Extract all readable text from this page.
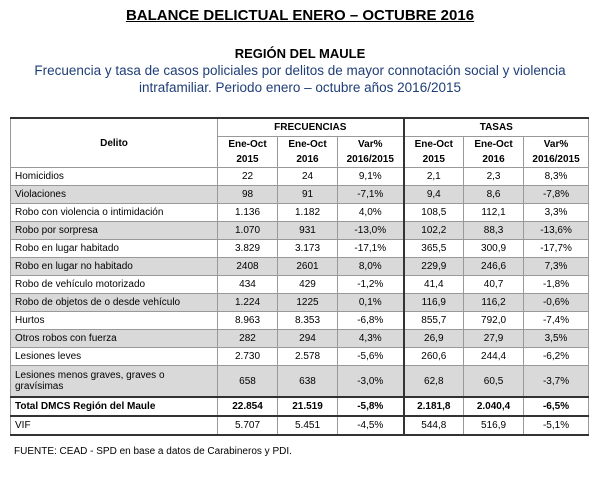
BALANCE DELICTUAL ENERO – OCTUBRE 2016
REGIÓN DEL MAULE
Frecuencia y tasa de casos policiales por delitos de mayor connotación social y violencia intrafamiliar. Periodo enero – octubre años 2016/2015
Delito	FRECUENCIAS			TASAS		
	Ene-Oct 2015	Ene-Oct 2016	Var% 2016/2015	Ene-Oct 2015	Ene-Oct 2016	Var% 2016/2015
Homicidios	22	24	9,1%	2,1	2,3	8,3%
Violaciones	98	91	-7,1%	9,4	8,6	-7,8%
Robo con violencia o intimidación	1.136	1.182	4,0%	108,5	112,1	3,3%
Robo por sorpresa	1.070	931	-13,0%	102,2	88,3	-13,6%
Robo en lugar habitado	3.829	3.173	-17,1%	365,5	300,9	-17,7%
Robo en lugar no habitado	2408	2601	8,0%	229,9	246,6	7,3%
Robo de vehículo motorizado	434	429	-1,2%	41,4	40,7	-1,8%
Robo de objetos de o desde vehículo	1.224	1225	0,1%	116,9	116,2	-0,6%
Hurtos	8.963	8.353	-6,8%	855,7	792,0	-7,4%
Otros robos con fuerza	282	294	4,3%	26,9	27,9	3,5%
Lesiones leves	2.730	2.578	-5,6%	260,6	244,4	-6,2%
Lesiones menos graves, graves o gravísimas	658	638	-3,0%	62,8	60,5	-3,7%
Total DMCS Región del Maule	22.854	21.519	-5,8%	2.181,8	2.040,4	-6,5%
VIF	5.707	5.451	-4,5%	544,8	516,9	-5,1%
FUENTE: CEAD - SPD en base a datos de Carabineros y PDI.
